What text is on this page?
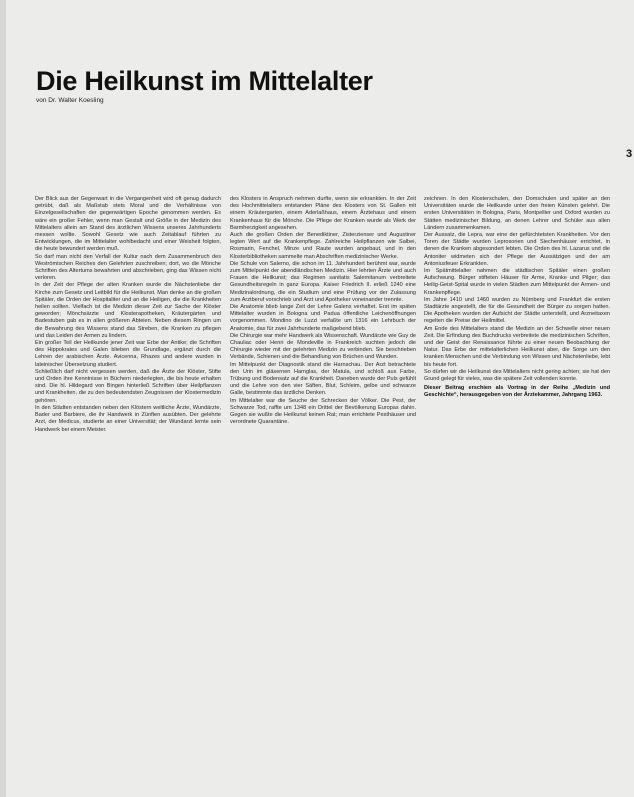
Die Heilkunst im Mittelalter
von Dr. Walter Koesling
3

Der Blick aus der Gegenwart in die Vergangenheit wird oft genug dadurch getrübt, daß als Maßstab stets Moral und die Verhältnisse von Einzelgesellschaften der gegenwärtigen Epoche genommen werden. Es wäre ein großer Fehler, wenn man Gestalt und Größe in der Medizin des Mittelalters allein am Stand des ärztlichen Wissens unseres Jahrhunderts messen wollte. Sowohl Gesetz wie auch Zeitablauf führten zu Entwicklungen, die im Mittelalter wohlbedacht und einer Weisheit folgten, die heute bewundert werden muß.

So darf man nicht den Verfall der Kultur nach dem Zusammenbruch des Weströmischen Reiches den Gelehrten zuschreiben; dort, wo die Mönche Schriften des Altertums bewahrten und abschrieben, ging das Wissen nicht verloren.

In der Zeit der Pflege der alten Kranken wurde die Nächstenliebe der Kirche zum Gesetz und Leitbild für die Heilkunst. Man denke an die großen Spitäler, die Orden der Hospitaliter und an die Heiligen, die die Krankheiten heilen sollten. Vielfach ist die Medizin dieser Zeit zur Sache der Klöster geworden; Mönchsärzte und Klosterapotheken, Kräutergärten und Badestuben gab es in allen größeren Abteien. Neben diesem Ringen um die Bewahrung des Wissens stand das Streben, die Kranken zu pflegen und das Leiden der Armen zu lindern.

Ein großer Teil der Heilkunde jener Zeit war Erbe der Antike; die Schriften des Hippokrates und Galen blieben die Grundlage, ergänzt durch die Lehren der arabischen Ärzte. Avicenna, Rhazes und andere wurden in lateinischer Übersetzung studiert.

Schließlich darf nicht vergessen werden, daß die Ärzte der Klöster, Stifte und Orden ihre Kenntnisse in Büchern niederlegten, die bis heute erhalten sind. Die hl. Hildegard von Bingen hinterließ Schriften über Heilpflanzen und Krankheiten, die zu den bedeutendsten Zeugnissen der Klostermedizin gehören.

In den Städten entstanden neben den Klöstern weltliche Ärzte, Wundärzte, Bader und Barbiere, die ihr Handwerk in Zünften ausübten. Der gelehrte Arzt, der Medicus, studierte an einer Universität; der Wundarzt lernte sein Handwerk bei einem Meister.

des Klosters in Anspruch nehmen durfte, wenn sie erkrankten. In der Zeit des Hochmittelalters entstanden Pläne des Klosters von St. Gallen mit einem Kräutergarten, einem Aderlaßhaus, einem Ärztehaus und einem Krankenhaus für die Mönche. Die Pflege der Kranken wurde als Werk der Barmherzigkeit angesehen.

Auch die großen Orden der Benediktiner, Zisterzienser und Augustiner legten Wert auf die Krankenpflege. Zahlreiche Heilpflanzen wie Salbei, Rosmarin, Fenchel, Minze und Raute wurden angebaut, und in den Klosterbibliotheken sammelte man Abschriften medizinischer Werke.

Die Schule von Salerno, die schon im 11. Jahrhundert berühmt war, wurde zum Mittelpunkt der abendländischen Medizin. Hier lehrten Ärzte und auch Frauen die Heilkunst; das Regimen sanitatis Salernitanum verbreitete Gesundheitsregeln in ganz Europa. Kaiser Friedrich II. erließ 1240 eine Medizinalordnung, die ein Studium und eine Prüfung vor der Zulassung zum Arztberuf vorschrieb und Arzt und Apotheker voneinander trennte.

Die Anatomie blieb lange Zeit der Lehre Galens verhaftet. Erst im späten Mittelalter wurden in Bologna und Padua öffentliche Leichenöffnungen vorgenommen. Mondino de Luzzi verfaßte um 1316 ein Lehrbuch der Anatomie, das für zwei Jahrhunderte maßgebend blieb.

Die Chirurgie war mehr Handwerk als Wissenschaft. Wundärzte wie Guy de Chauliac oder Henri de Mondeville in Frankreich suchten jedoch die Chirurgie wieder mit der gelehrten Medizin zu verbinden. Sie beschrieben Verbände, Schienen und die Behandlung von Brüchen und Wunden.

Im Mittelpunkt der Diagnostik stand die Harnschau. Der Arzt betrachtete den Urin im gläsernen Harnglas, der Matula, und schloß aus Farbe, Trübung und Bodensatz auf die Krankheit. Daneben wurde der Puls gefühlt und die Lehre von den vier Säften, Blut, Schleim, gelbe und schwarze Galle, bestimmte das ärztliche Denken.

Im Mittelalter war die Seuche der Schrecken der Völker. Die Pest, der Schwarze Tod, raffte um 1348 ein Drittel der Bevölkerung Europas dahin. Gegen sie wußte die Heilkunst keinen Rat; man errichtete Pesthäuser und verordnete Quarantäne.

zeichnen. In den Klosterschulen, den Domschulen und später an den Universitäten wurde die Heilkunde unter den freien Künsten gelehrt. Die ersten Universitäten in Bologna, Paris, Montpellier und Oxford wurden zu Stätten medizinischer Bildung, an denen Lehrer und Schüler aus allen Ländern zusammenkamen.

Der Aussatz, die Lepra, war eine der gefürchtetsten Krankheiten. Vor den Toren der Städte wurden Leprosorien und Siechenhäuser errichtet, in denen die Kranken abgesondert lebten. Die Orden des hl. Lazarus und die Antoniter widmeten sich der Pflege der Aussätzigen und der am Antoniusfeuer Erkrankten.

Im Spätmittelalter nahmen die städtischen Spitäler einen großen Aufschwung. Bürger stifteten Häuser für Arme, Kranke und Pilger; das Heilig-Geist-Spital wurde in vielen Städten zum Mittelpunkt der Armen- und Krankenpflege.

Im Jahre 1410 und 1460 wurden zu Nürnberg und Frankfurt die ersten Stadtärzte angestellt, die für die Gesundheit der Bürger zu sorgen hatten. Die Apotheken wurden der Aufsicht der Städte unterstellt, und Arzneitaxen regelten die Preise der Heilmittel.

Am Ende des Mittelalters stand die Medizin an der Schwelle einer neuen Zeit. Die Erfindung des Buchdrucks verbreitete die medizinischen Schriften, und der Geist der Renaissance führte zu einer neuen Beobachtung der Natur. Das Erbe der mittelalterlichen Heilkunst aber, die Sorge um den kranken Menschen und die Verbindung von Wissen und Nächstenliebe, lebt bis heute fort.

So dürfen wir die Heilkunst des Mittelalters nicht gering achten; sie hat den Grund gelegt für vieles, was die spätere Zeit vollenden konnte.

Dieser Beitrag erschien als Vortrag in der Reihe „Medizin und Geschichte“, herausgegeben von der Ärztekammer, Jahrgang 1963.
